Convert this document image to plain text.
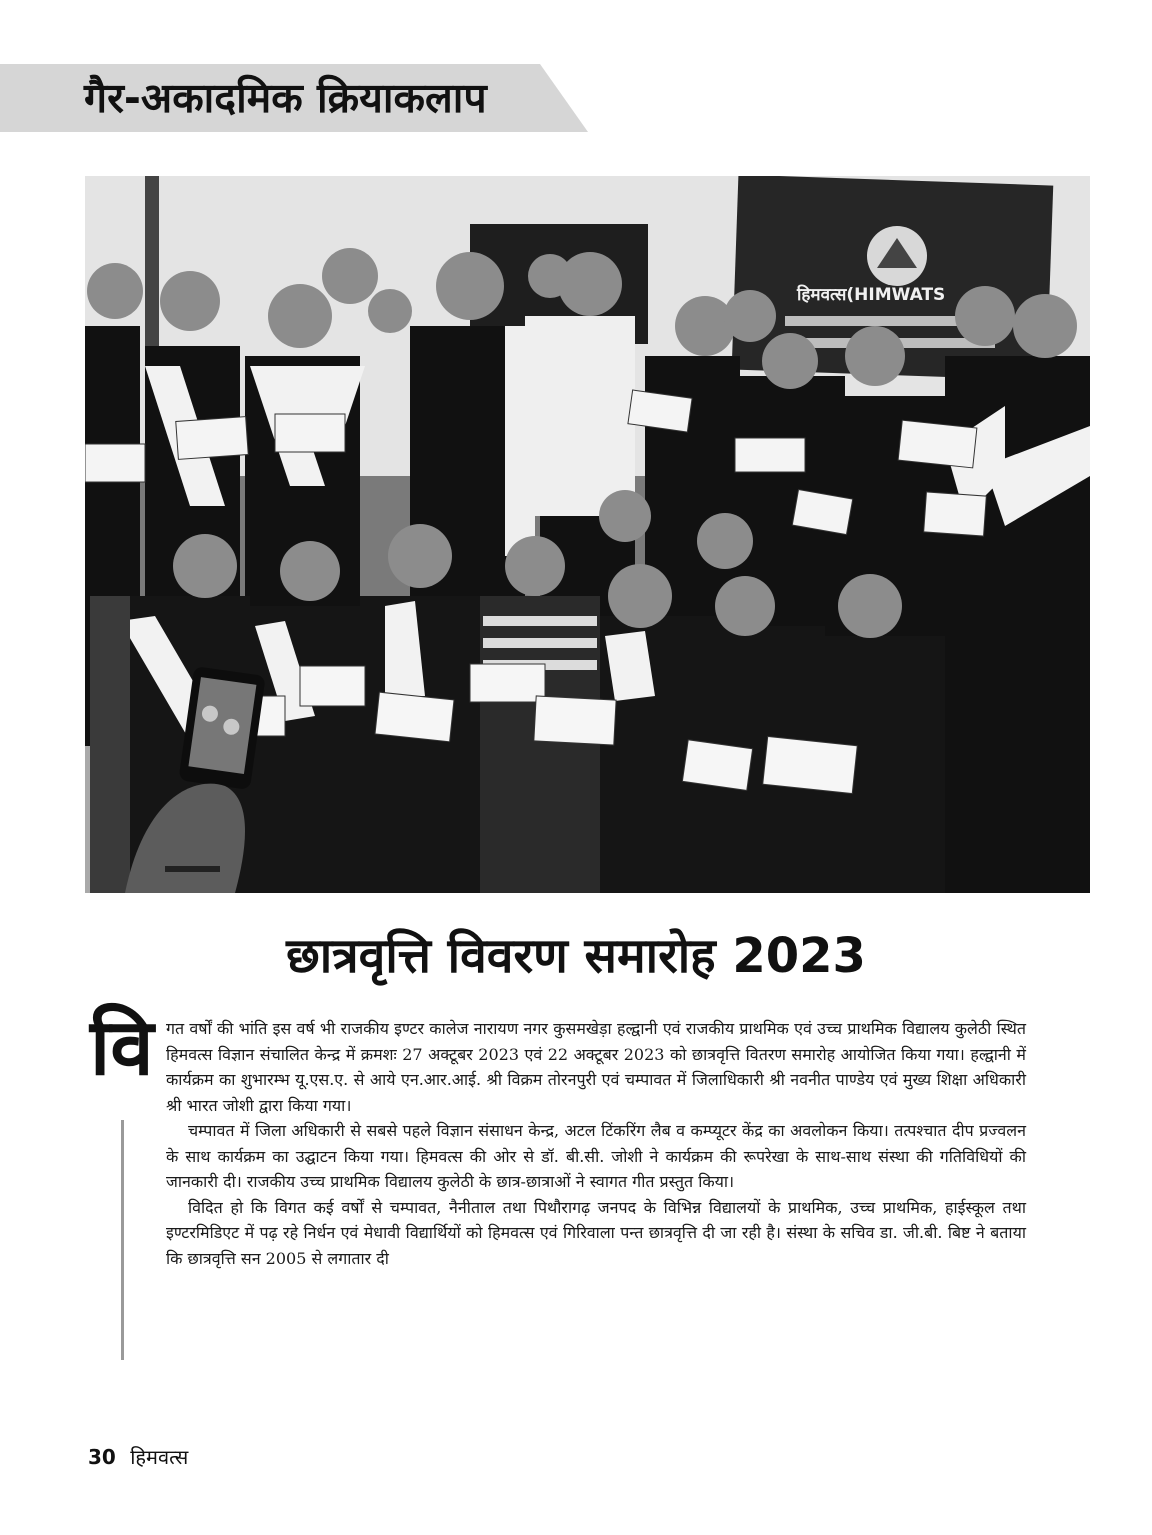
गैर-अकादमिक क्रियाकलाप
हिमवत्स(HIMWATS
छात्रवृत्ति विवरण समारोह 2023
वि गत वर्षों की भांति इस वर्ष भी राजकीय इण्टर कालेज नारायण नगर कुसमखेड़ा हल्द्वानी एवं राजकीय प्राथमिक एवं उच्च प्राथमिक विद्यालय कुलेठी स्थित हिमवत्स विज्ञान संचालित केन्द्र में क्रमशः 27 अक्टूबर 2023 एवं 22 अक्टूबर 2023 को छात्रवृत्ति वितरण समारोह आयोजित किया गया। हल्द्वानी में कार्यक्रम का शुभारम्भ यू.एस.ए. से आये एन.आर.आई. श्री विक्रम तोरनपुरी एवं चम्पावत में जिलाधिकारी श्री नवनीत पाण्डेय एवं मुख्य शिक्षा अधिकारी श्री भारत जोशी द्वारा किया गया।

चम्पावत में जिला अधिकारी से सबसे पहले विज्ञान संसाधन केन्द्र, अटल टिंकरिंग लैब व कम्प्यूटर केंद्र का अवलोकन किया। तत्पश्चात दीप प्रज्वलन के साथ कार्यक्रम का उद्घाटन किया गया। हिमवत्स की ओर से डॉ. बी.सी. जोशी ने कार्यक्रम की रूपरेखा के साथ-साथ संस्था की गतिविधियों की जानकारी दी। राजकीय उच्च प्राथमिक विद्यालय कुलेठी के छात्र-छात्राओं ने स्वागत गीत प्रस्तुत किया।

विदित हो कि विगत कई वर्षों से चम्पावत, नैनीताल तथा पिथौरागढ़ जनपद के विभिन्न विद्यालयों के प्राथमिक, उच्च प्राथमिक, हाईस्कूल तथा इण्टरमिडिएट में पढ़ रहे निर्धन एवं मेधावी विद्यार्थियों को हिमवत्स एवं गिरिवाला पन्त छात्रवृत्ति दी जा रही है। संस्था के सचिव डा. जी.बी. बिष्ट ने बताया कि छात्रवृत्ति सन 2005 से लगातार दी

30 हिमवत्स
